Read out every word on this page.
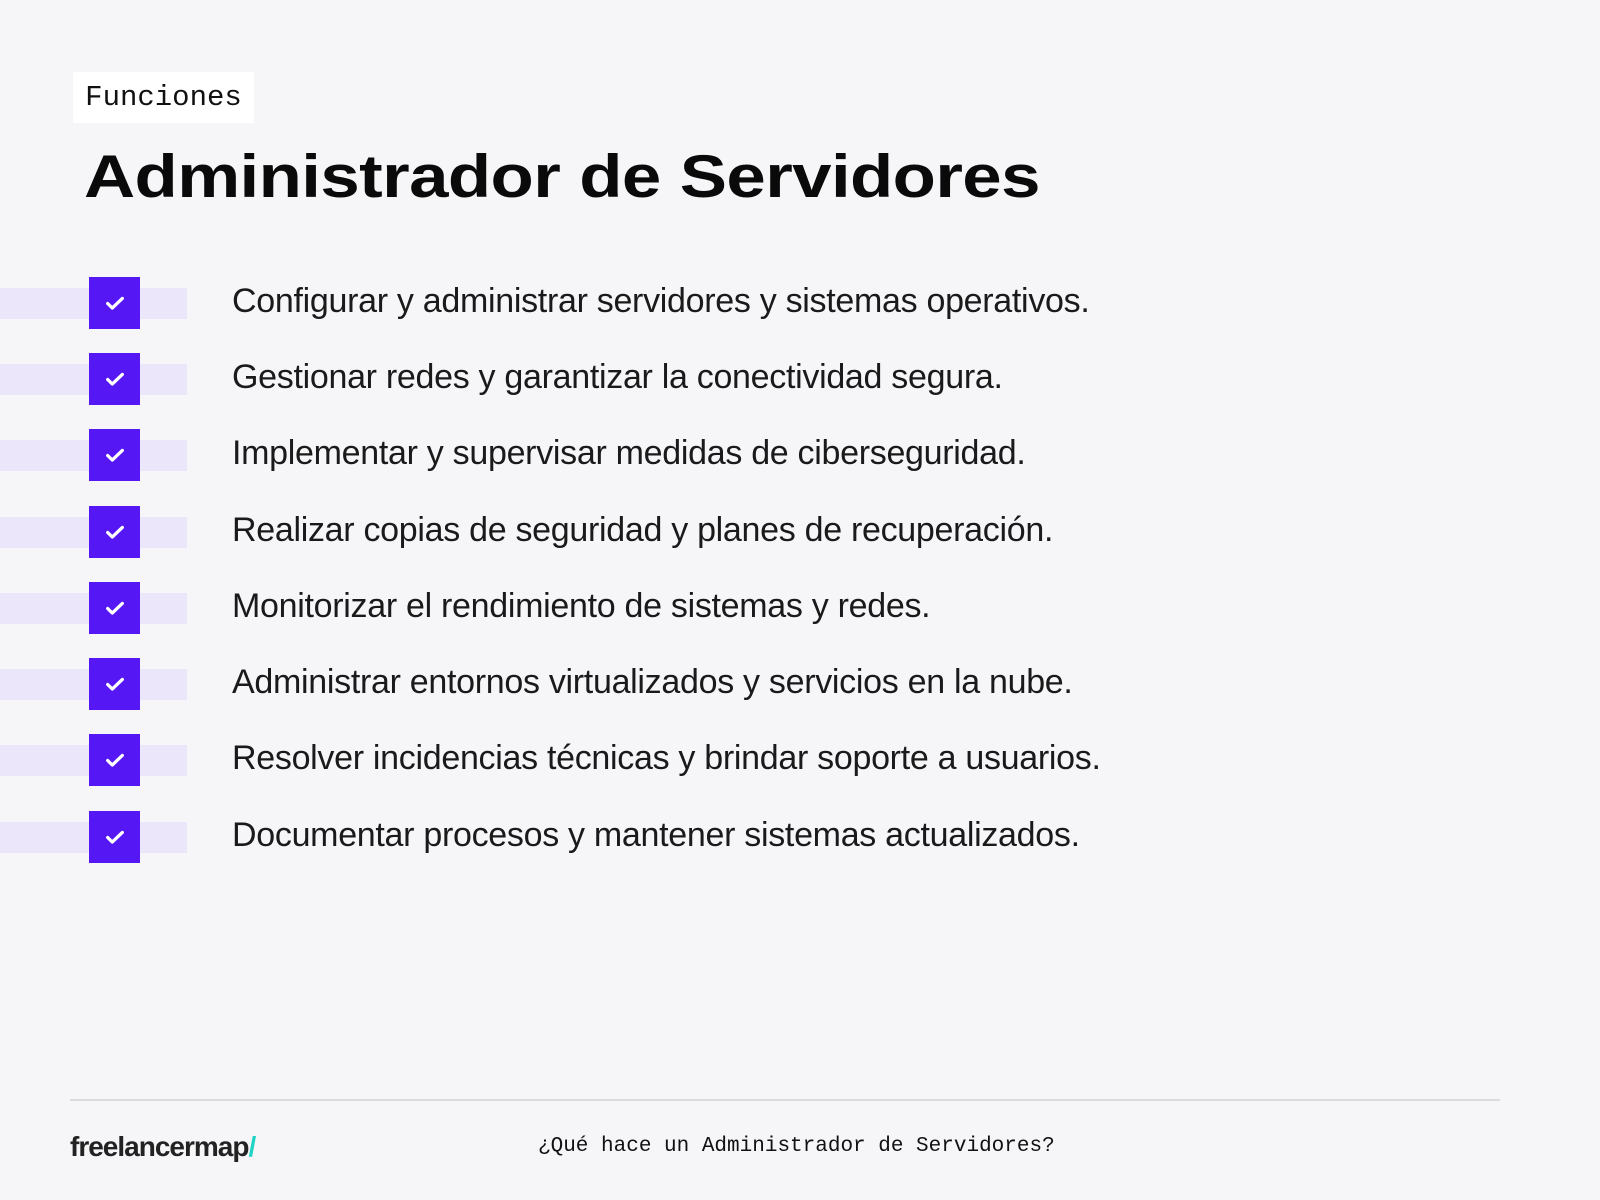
Funciones
Administrador de Servidores
Configurar y administrar servidores y sistemas operativos.
Gestionar redes y garantizar la conectividad segura.
Implementar y supervisar medidas de ciberseguridad.
Realizar copias de seguridad y planes de recuperación.
Monitorizar el rendimiento de sistemas y redes.
Administrar entornos virtualizados y servicios en la nube.
Resolver incidencias técnicas y brindar soporte a usuarios.
Documentar procesos y mantener sistemas actualizados.
freelancermap/	¿Qué hace un Administrador de Servidores?
